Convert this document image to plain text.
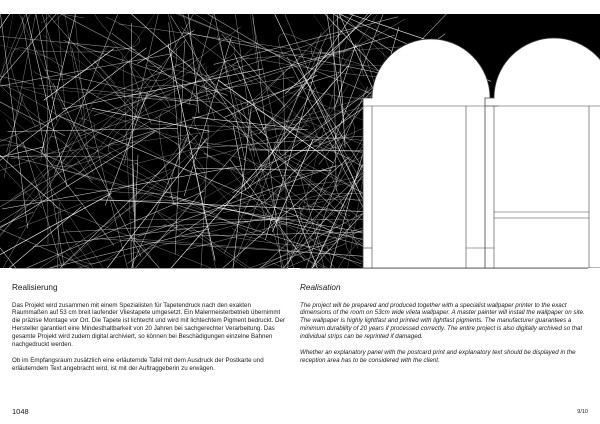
Realisierung

Das Projekt wird zusammen mit einem Spezialisten für Tapetendruck nach den exakten Raummaßen auf 53 cm breit laufender Vliestapete umgesetzt. Ein Malermeisterbetrieb übernimmt die präzise Montage vor Ort. Die Tapete ist lichtecht und wird mit lichtechtem Pigment bedruckt. Der Hersteller garantiert eine Mindesthaltbarkeit von 20 Jahren bei sachgerechter Verarbeitung. Das gesamte Projekt wird zudem digital archiviert, so können bei Beschädigungen einzelne Bahnen nachgedruckt werden.

Ob im Empfangsraum zusätzlich eine erläuternde Tafel mit dem Ausdruck der Postkarte und erläuterndem Text angebracht wird, ist mit der Auftraggeberin zu erwägen.

Realisation

The project will be prepared and produced together with a specialist wallpaper printer to the exact dimensions of the room on 53cm wide vlieta wallpaper. A master painter will install the wallpaper on site. The wallpaper is highly lightfast and printed with lightfast pigments. The manufacturer guarantees a minimum durability of 20 years if processed correctly. The entire project is also digitally archived so that individual strips can be reprinted if damaged.

Whether an explanatory panel with the postcard print and explanatory text should be displayed in the reception area has to be considered with the client.

1048	9/10
